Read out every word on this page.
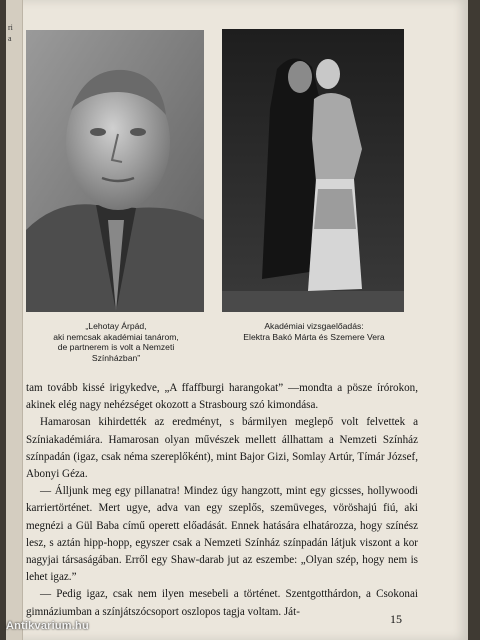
ri
a
„Lehotay Árpád,
aki nemcsak akadémiai tanárom,
de partnerem is volt a Nemzeti
Színházban”
Akadémiai vizsgaelőadás:
Elektra Bakó Márta és Szemere Vera

tam tovább kissé irigykedve, „A ffaffburgi harangokat” —mondta a pösze írórokon, akinek elég nagy nehézséget okozott a Strasbourg szó kimondása.

Hamarosan kihirdették az eredményt, s bármilyen meglepő volt felvettek a Színiakadémiára. Hamarosan olyan művészek mellett állhattam a Nemzeti Színház színpadán (igaz, csak néma szereplőként), mint Bajor Gizi, Somlay Artúr, Tímár József, Abonyi Géza.

— Álljunk meg egy pillanatra! Mindez úgy hangzott, mint egy gicsses, hollywoodi karriertörténet. Mert ugye, adva van egy szeplős, szemüveges, vöröshajú fiú, aki megnézi a Gül Baba című operett előadását. Ennek hatására elhatározza, hogy színész lesz, s aztán hipp-hopp, egyszer csak a Nemzeti Színház színpadán látjuk viszont a kor nagyjai társaságában. Erről egy Shaw-darab jut az eszembe: „Olyan szép, hogy nem is lehet igaz.”

— Pedig igaz, csak nem ilyen mesebeli a történet. Szentgotthárdon, a Csokonai gimnáziumban a színjátszócsoport oszlopos tagja voltam. Ját-

15
Antikvarium.hu
